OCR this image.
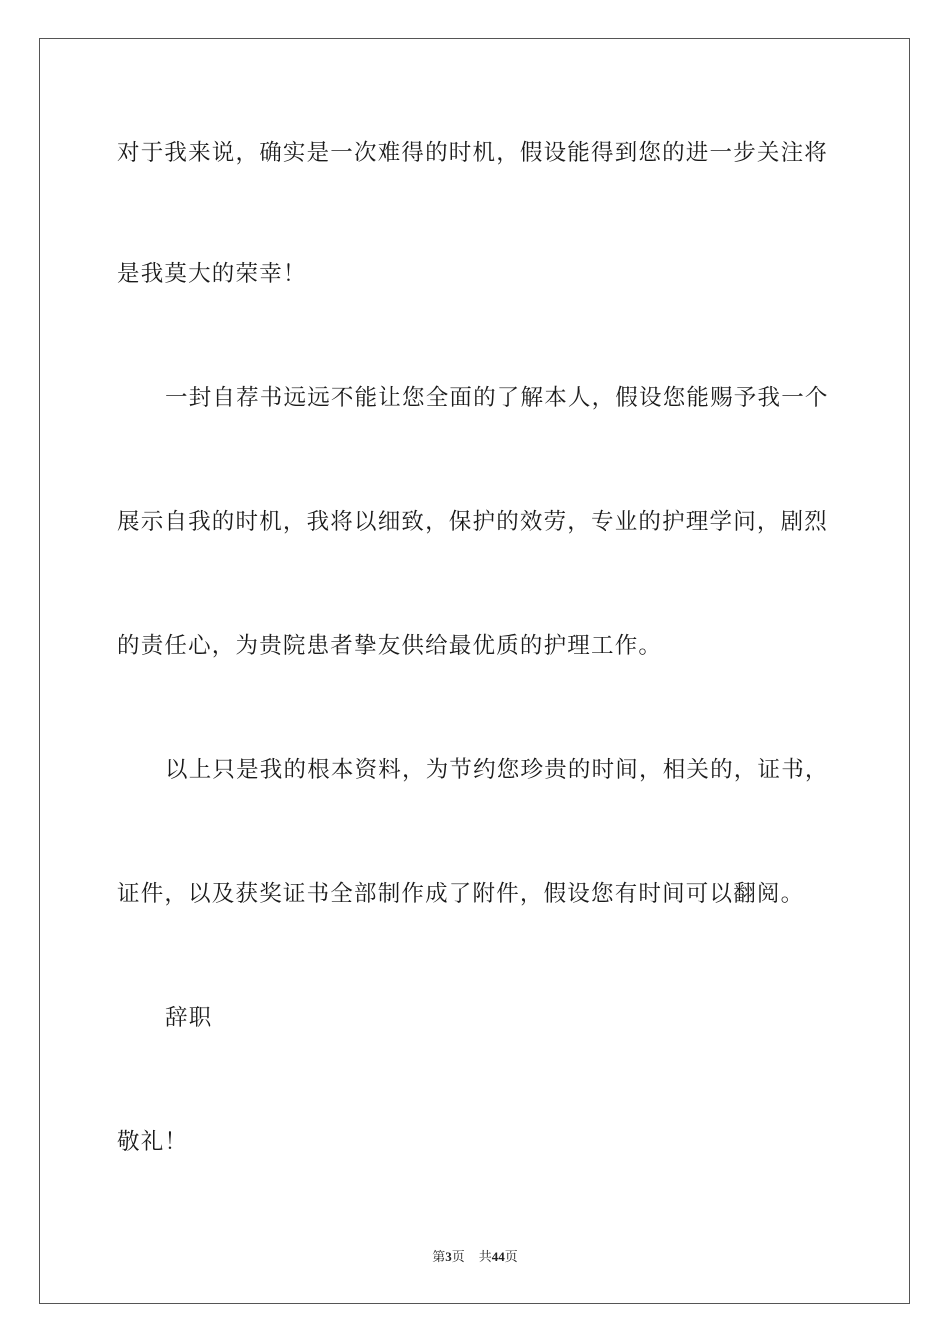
对于我来说，确实是一次难得的时机，假设能得到您的进一步关注将

是我莫大的荣幸！

一封自荐书远远不能让您全面的了解本人，假设您能赐予我一个

展示自我的时机，我将以细致，保护的效劳，专业的护理学问，剧烈

的责任心，为贵院患者挚友供给最优质的护理工作。

以上只是我的根本资料，为节约您珍贵的时间，相关的，证书，

证件，以及获奖证书全部制作成了附件，假设您有时间可以翻阅。

辞职

敬礼！

第3页 共44页
